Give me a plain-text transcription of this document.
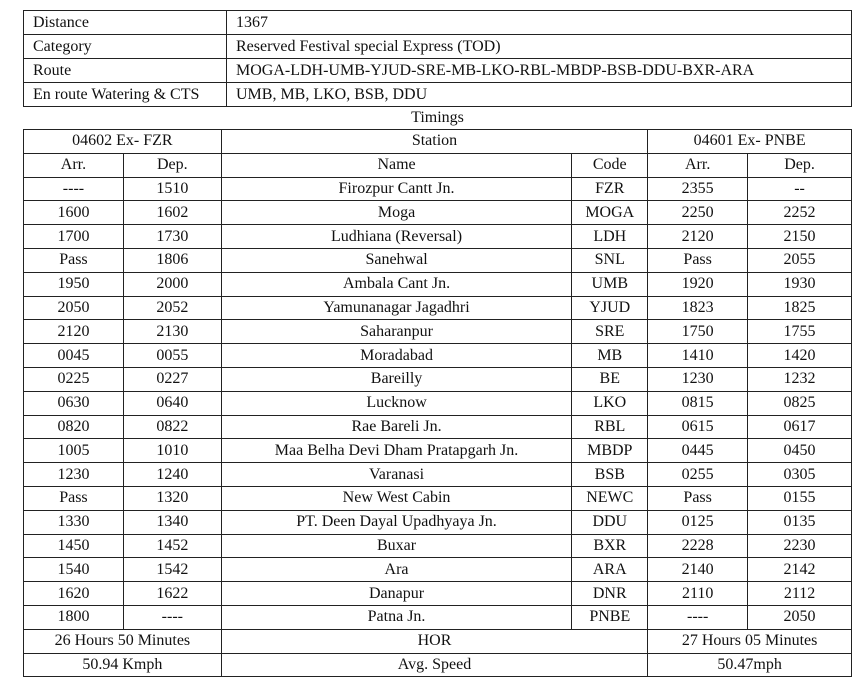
Distance	1367
Category	Reserved Festival special Express (TOD)
Route	MOGA-LDH-UMB-YJUD-SRE-MB-LKO-RBL-MBDP-BSB-DDU-BXR-ARA
En route Watering & CTS	UMB, MB, LKO, BSB, DDU
Timings
04602 Ex- FZR		Station		04601 Ex- PNBE	
Arr.	Dep.	Name	Code	Arr.	Dep.
----	1510	Firozpur Cantt Jn.	FZR	2355	--
1600	1602	Moga	MOGA	2250	2252
1700	1730	Ludhiana (Reversal)	LDH	2120	2150
Pass	1806	Sanehwal	SNL	Pass	2055
1950	2000	Ambala Cant Jn.	UMB	1920	1930
2050	2052	Yamunanagar Jagadhri	YJUD	1823	1825
2120	2130	Saharanpur	SRE	1750	1755
0045	0055	Moradabad	MB	1410	1420
0225	0227	Bareilly	BE	1230	1232
0630	0640	Lucknow	LKO	0815	0825
0820	0822	Rae Bareli Jn.	RBL	0615	0617
1005	1010	Maa Belha Devi Dham Pratapgarh Jn.	MBDP	0445	0450
1230	1240	Varanasi	BSB	0255	0305
Pass	1320	New West Cabin	NEWC	Pass	0155
1330	1340	PT. Deen Dayal Upadhyaya Jn.	DDU	0125	0135
1450	1452	Buxar	BXR	2228	2230
1540	1542	Ara	ARA	2140	2142
1620	1622	Danapur	DNR	2110	2112
1800	----	Patna Jn.	PNBE	----	2050
26 Hours 50 Minutes		HOR		27 Hours 05 Minutes	
50.94 Kmph		Avg. Speed		50.47mph	
